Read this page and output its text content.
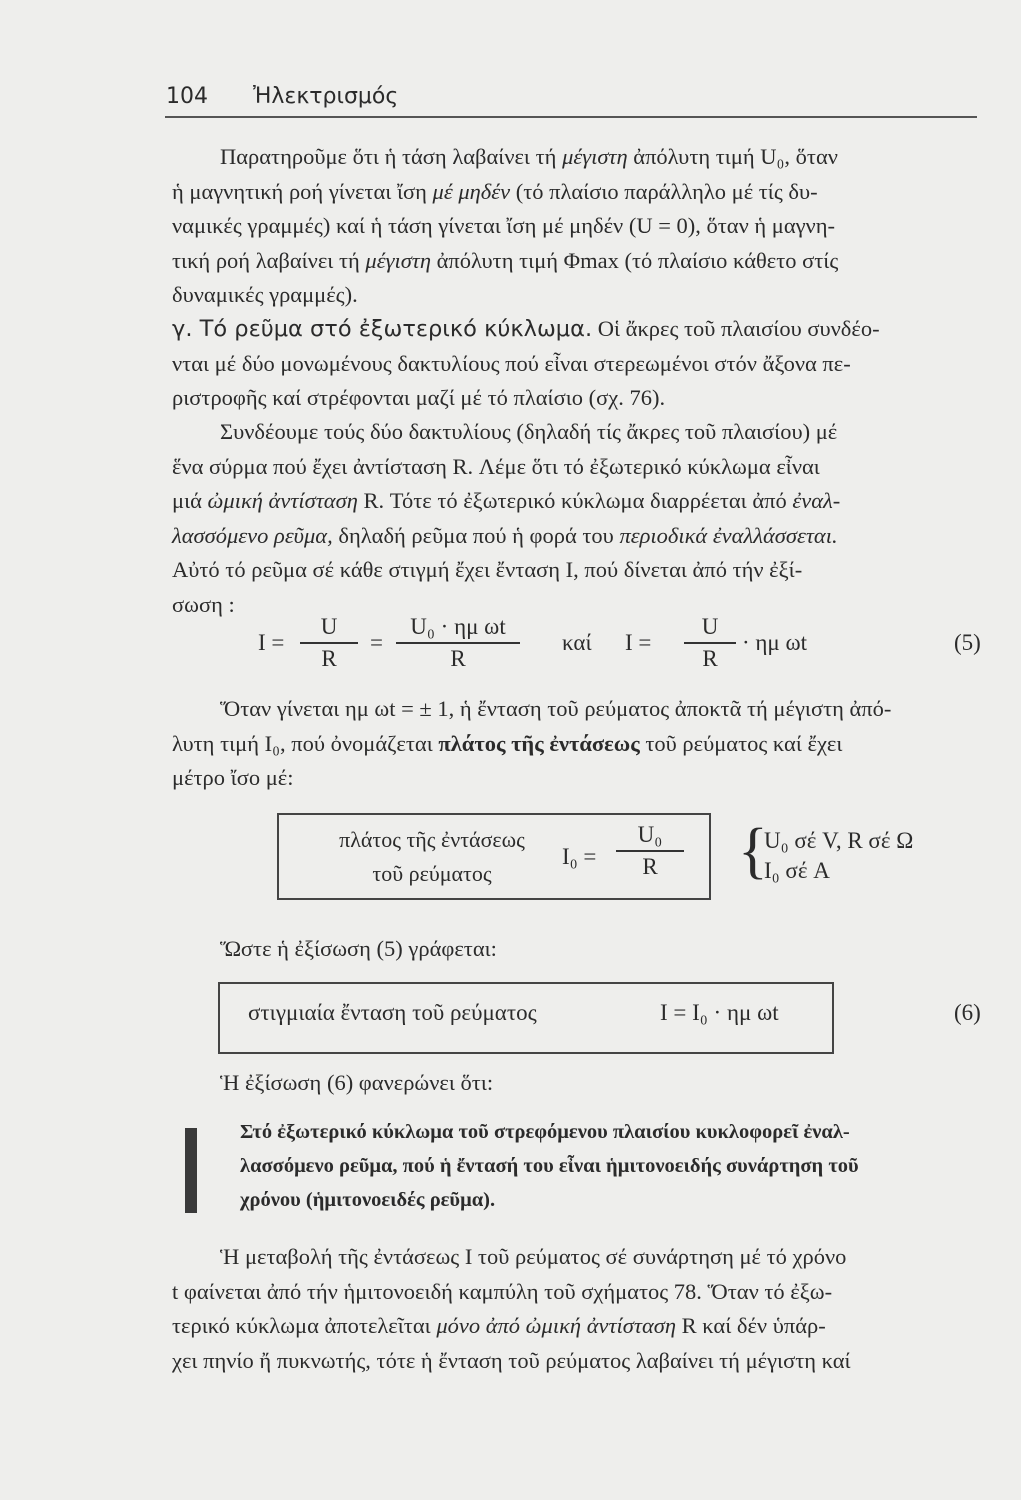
104 Ἠλεκτρισμός
Παρατηροῦμε ὅτι ἡ τάση λαβαίνει τή μέγιστη ἀπόλυτη τιμή U₀, ὅταν
ἡ μαγνητική ροή γίνεται ἴση μέ μηδέν (τό πλαίσιο παράλληλο μέ τίς δυ-
ναμικές γραμμές) καί ἡ τάση γίνεται ἴση μέ μηδέν (U = 0), ὅταν ἡ μαγνη-
τική ροή λαβαίνει τή μέγιστη ἀπόλυτη τιμή Φmax (τό πλαίσιο κάθετο στίς
δυναμικές γραμμές).
γ. Τό ρεῦμα στό ἐξωτερικό κύκλωμα. Οἱ ἄκρες τοῦ πλαισίου συνδέο-
νται μέ δύο μονωμένους δακτυλίους πού εἶναι στερεωμένοι στόν ἄξονα πε-
ριστροφῆς καί στρέφονται μαζί μέ τό πλαίσιο (σχ. 76).
Συνδέουμε τούς δύο δακτυλίους (δηλαδή τίς ἄκρες τοῦ πλαισίου) μέ
ἕνα σύρμα πού ἔχει ἀντίσταση R. Λέμε ὅτι τό ἐξωτερικό κύκλωμα εἶναι
μιά ὠμική ἀντίσταση R. Τότε τό ἐξωτερικό κύκλωμα διαρρέεται ἀπό ἐναλ-
λασσόμενο ρεῦμα, δηλαδή ρεῦμα πού ἡ φορά του περιοδικά ἐναλλάσσεται.
Αὐτό τό ρεῦμα σέ κάθε στιγμή ἔχει ἔνταση I, πού δίνεται ἀπό τήν ἐξί-
σωση :
I =
U
R
=
U₀ · ημ ωt
R
καί I =
U
R
· ημ ωt	(5)
Ὅταν γίνεται ημ ωt = ± 1, ἡ ἔνταση τοῦ ρεύματος ἀποκτᾶ τή μέγιστη ἀπό-
λυτη τιμή I₀, πού ὀνομάζεται πλάτος τῆς ἐντάσεως τοῦ ρεύματος καί ἔχει
μέτρο ἴσο μέ:
πλάτος τῆς ἐντάσεως
τοῦ ρεύματος
I₀ =
U₀
R	{
U₀ σέ V, R σέ Ω
I₀ σέ A
Ὥστε ἡ ἐξίσωση (5) γράφεται:
στιγμιαία ἔνταση τοῦ ρεύματος	I = I₀ · ημ ωt	(6)
Ἡ ἐξίσωση (6) φανερώνει ὅτι:
Στό ἐξωτερικό κύκλωμα τοῦ στρεφόμενου πλαισίου κυκλοφορεῖ ἐναλ-
λασσόμενο ρεῦμα, πού ἡ ἔντασή του εἶναι ἡμιτονοειδής συνάρτηση τοῦ
χρόνου (ἡμιτονοειδές ρεῦμα).
Ἡ μεταβολή τῆς ἐντάσεως I τοῦ ρεύματος σέ συνάρτηση μέ τό χρόνο
t φαίνεται ἀπό τήν ἡμιτονοειδή καμπύλη τοῦ σχήματος 78. Ὅταν τό ἐξω-
τερικό κύκλωμα ἀποτελεῖται μόνο ἀπό ὠμική ἀντίσταση R καί δέν ὑπάρ-
χει πηνίο ἤ πυκνωτής, τότε ἡ ἔνταση τοῦ ρεύματος λαβαίνει τή μέγιστη καί
